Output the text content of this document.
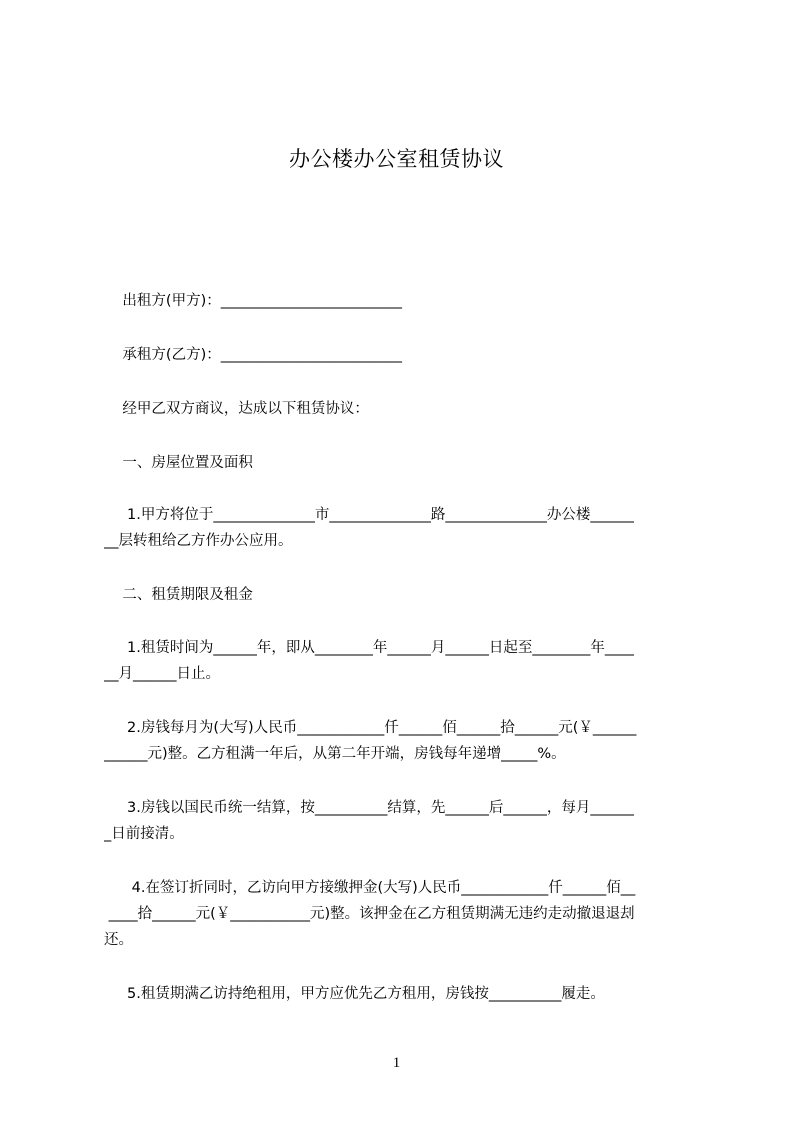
办公楼办公室租赁协议
出租方(甲方)：_________________________
承租方(乙方)：_________________________
经甲乙双方商议，达成以下租赁协议：
一、房屋位置及面积
1.甲方将位于______________市______________路______________办公楼______
__层转租给乙方作办公应用。
二、租赁期限及租金
1.租赁时间为______年，即从________年______月______日起至________年____
__月______日止。
2.房钱每月为(大写)人民币____________仟______佰______拾______元(￥______
______元)整。乙方租满一年后，从第二年开端，房钱每年递增_____%。
3.房钱以国民币统一结算，按__________结算，先______后______，每月______
_日前接清。
4.在签订折同时，乙访向甲方接缴押金(大写)人民币____________仟______佰__
____拾______元(￥___________元)整。该押金在乙方租赁期满无违约走动撤退退刦
还。
5.租赁期满乙访持绝租用，甲方应优先乙方租用，房钱按__________履走。
1
